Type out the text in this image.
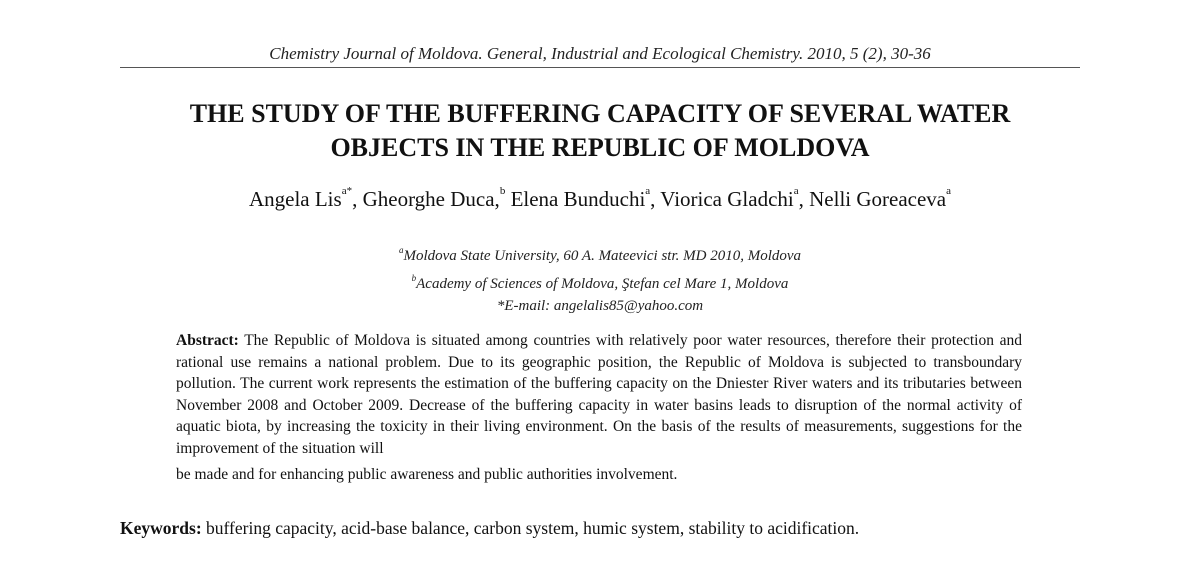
Chemistry Journal of Moldova. General, Industrial and Ecological Chemistry. 2010, 5 (2), 30-36
THE STUDY OF THE BUFFERING CAPACITY OF SEVERAL WATER
OBJECTS IN THE REPUBLIC OF MOLDOVA
Angela Lis$^{a*}$, Gheorghe Duca,$^b$ Elena Bunduchi$^a$, Viorica Gladchi$^a$, Nelli Goreaceva$^a$
$^a$Moldova State University, 60 A. Mateevici str. MD 2010, Moldova
$^b$Academy of Sciences of Moldova, Ştefan cel Mare 1, Moldova
*E-mail: angelalis85@yahoo.com
Abstract: The Republic of Moldova is situated among countries with relatively poor water resources, therefore their protection and rational use remains a national problem. Due to its geographic position, the Republic of Moldova is subjected to transboundary pollution. The current work represents the estimation of the buffering capacity on the Dniester River waters and its tributaries between November 2008 and October 2009. Decrease of the buffering capacity in water basins leads to disruption of the normal activity of aquatic biota, by increasing the toxicity in their living environment. On the basis of the results of measurements, suggestions for the improvement of the situation will
be made and for enhancing public awareness and public authorities involvement.
Keywords: buffering capacity, acid-base balance, carbon system, humic system, stability to acidification.
